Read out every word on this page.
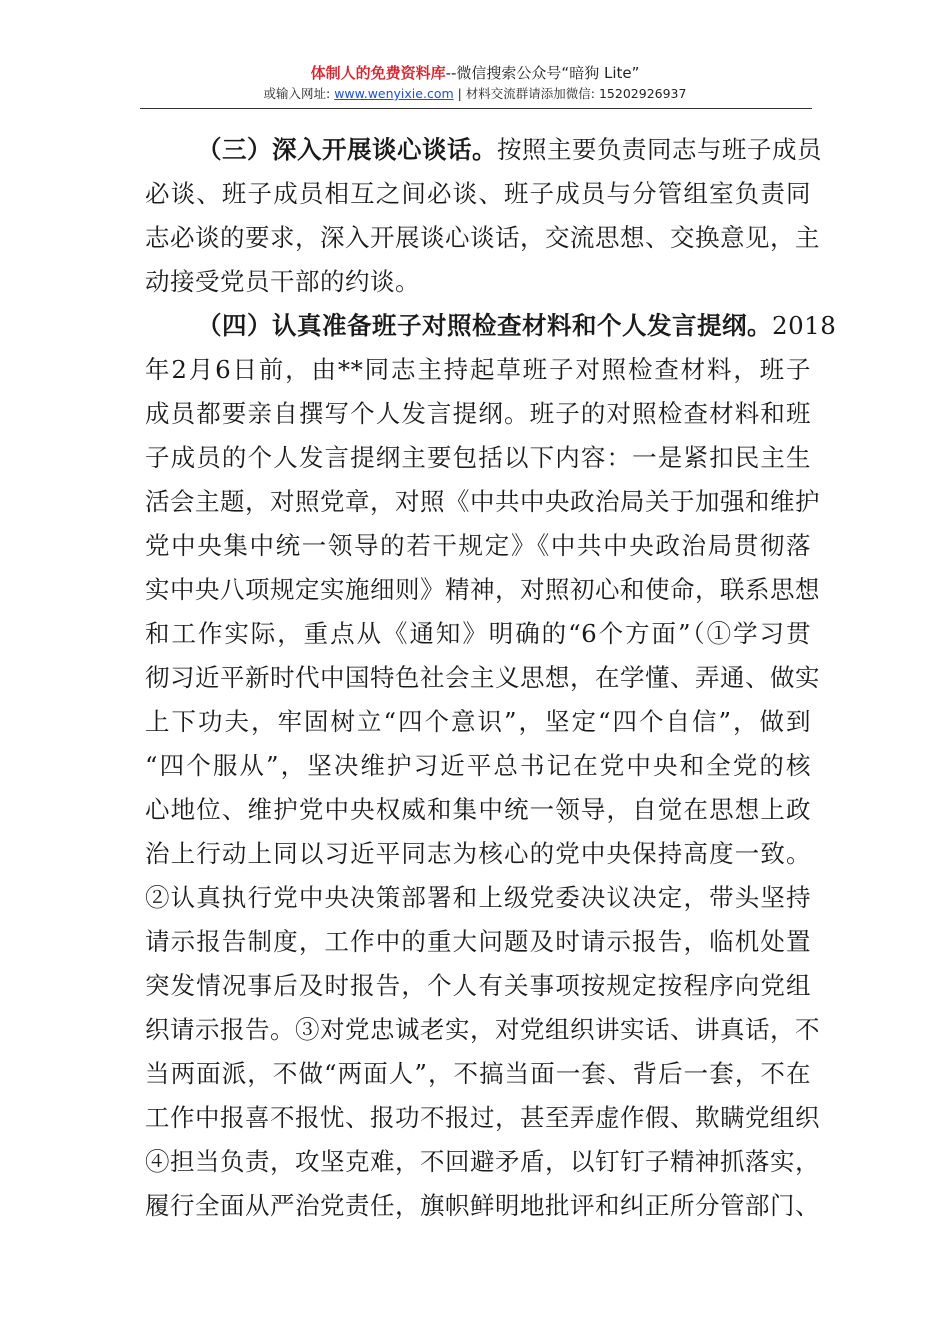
体制人的免费资料库--微信搜索公众号“暗狗 Lite”
或输入网址: www.wenyixie.com | 材料交流群请添加微信: 15202926937
（三）深入开展谈心谈话。按照主要负责同志与班子成员
必谈、班子成员相互之间必谈、班子成员与分管组室负责同
志必谈的要求，深入开展谈心谈话，交流思想、交换意见，主
动接受党员干部的约谈。
（四）认真准备班子对照检查材料和个人发言提纲。2018
年2月6日前，由**同志主持起草班子对照检查材料，班子
成员都要亲自撰写个人发言提纲。班子的对照检查材料和班
子成员的个人发言提纲主要包括以下内容：一是紧扣民主生
活会主题，对照党章，对照《中共中央政治局关于加强和维护
党中央集中统一领导的若干规定》《中共中央政治局贯彻落
实中央八项规定实施细则》精神，对照初心和使命，联系思想
和工作实际，重点从《通知》明确的“6个方面”（①学习贯
彻习近平新时代中国特色社会主义思想，在学懂、弄通、做实
上下功夫，牢固树立“四个意识”，坚定“四个自信”，做到
“四个服从”，坚决维护习近平总书记在党中央和全党的核
心地位、维护党中央权威和集中统一领导，自觉在思想上政
治上行动上同以习近平同志为核心的党中央保持高度一致。
②认真执行党中央决策部署和上级党委决议决定，带头坚持
请示报告制度，工作中的重大问题及时请示报告，临机处置
突发情况事后及时报告，个人有关事项按规定按程序向党组
织请示报告。③对党忠诚老实，对党组织讲实话、讲真话，不
当两面派，不做“两面人”，不搞当面一套、背后一套，不在
工作中报喜不报忧、报功不报过，甚至弄虚作假、欺瞒党组织
④担当负责，攻坚克难，不回避矛盾，以钉钉子精神抓落实，
履行全面从严治党责任，旗帜鲜明地批评和纠正所分管部门、
